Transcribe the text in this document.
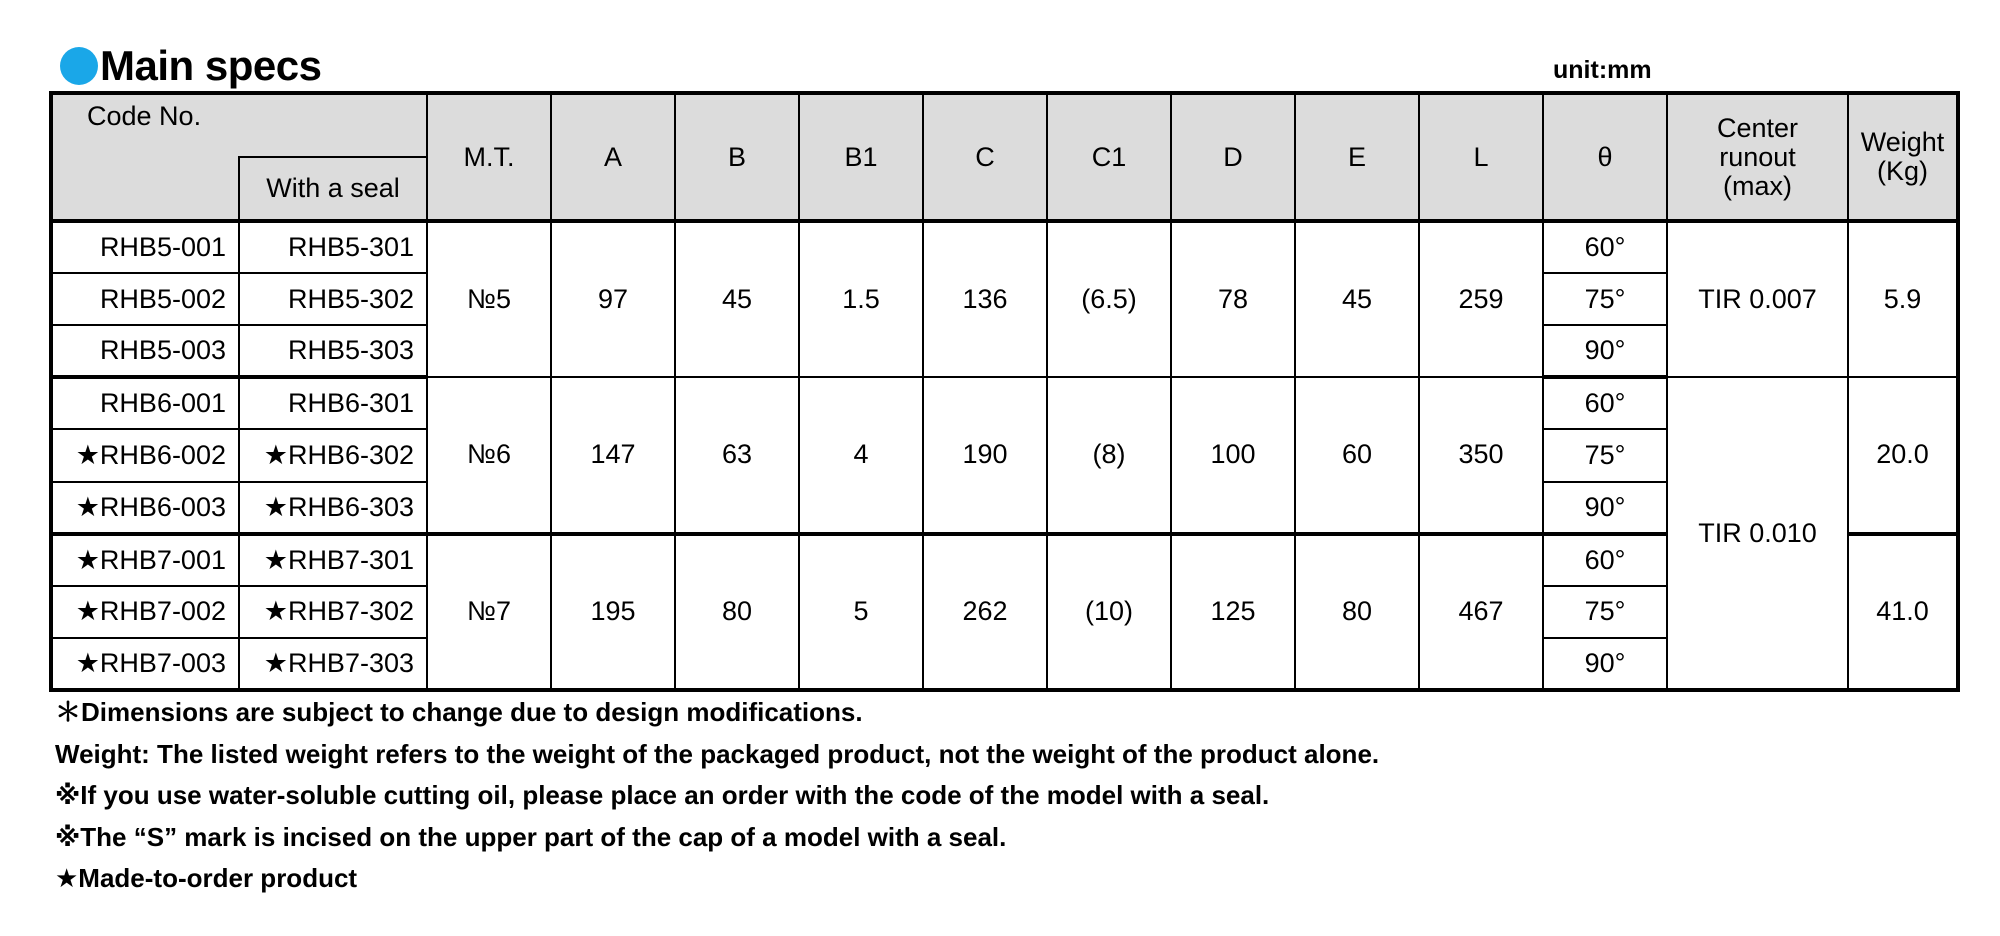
Main specs	unit:mm
Code No.		M.T.	A	B	B1	C	C1	D	E	L	θ	Center runout (max)	Weight (Kg)
	With a seal												
RHB5-001	RHB5-301	№5	97	45	1.5	136	(6.5)	78	45	259	60°	TIR 0.007	5.9
RHB5-002	RHB5-302										75°		
RHB5-003	RHB5-303										90°		
RHB6-001	RHB6-301	№6	147	63	4	190	(8)	100	60	350	60°	TIR 0.010	20.0
★RHB6-002	★RHB6-302										75°		
★RHB6-003	★RHB6-303										90°		
★RHB7-001	★RHB7-301	№7	195	80	5	262	(10)	125	80	467	60°		41.0
★RHB7-002	★RHB7-302										75°		
★RHB7-003	★RHB7-303										90°		
＊Dimensions are subject to change due to design modifications.
Weight: The listed weight refers to the weight of the packaged product, not the weight of the product alone.
※If you use water-soluble cutting oil, please place an order with the code of the model with a seal.
※The “S” mark is incised on the upper part of the cap of a model with a seal.
★Made-to-order product
